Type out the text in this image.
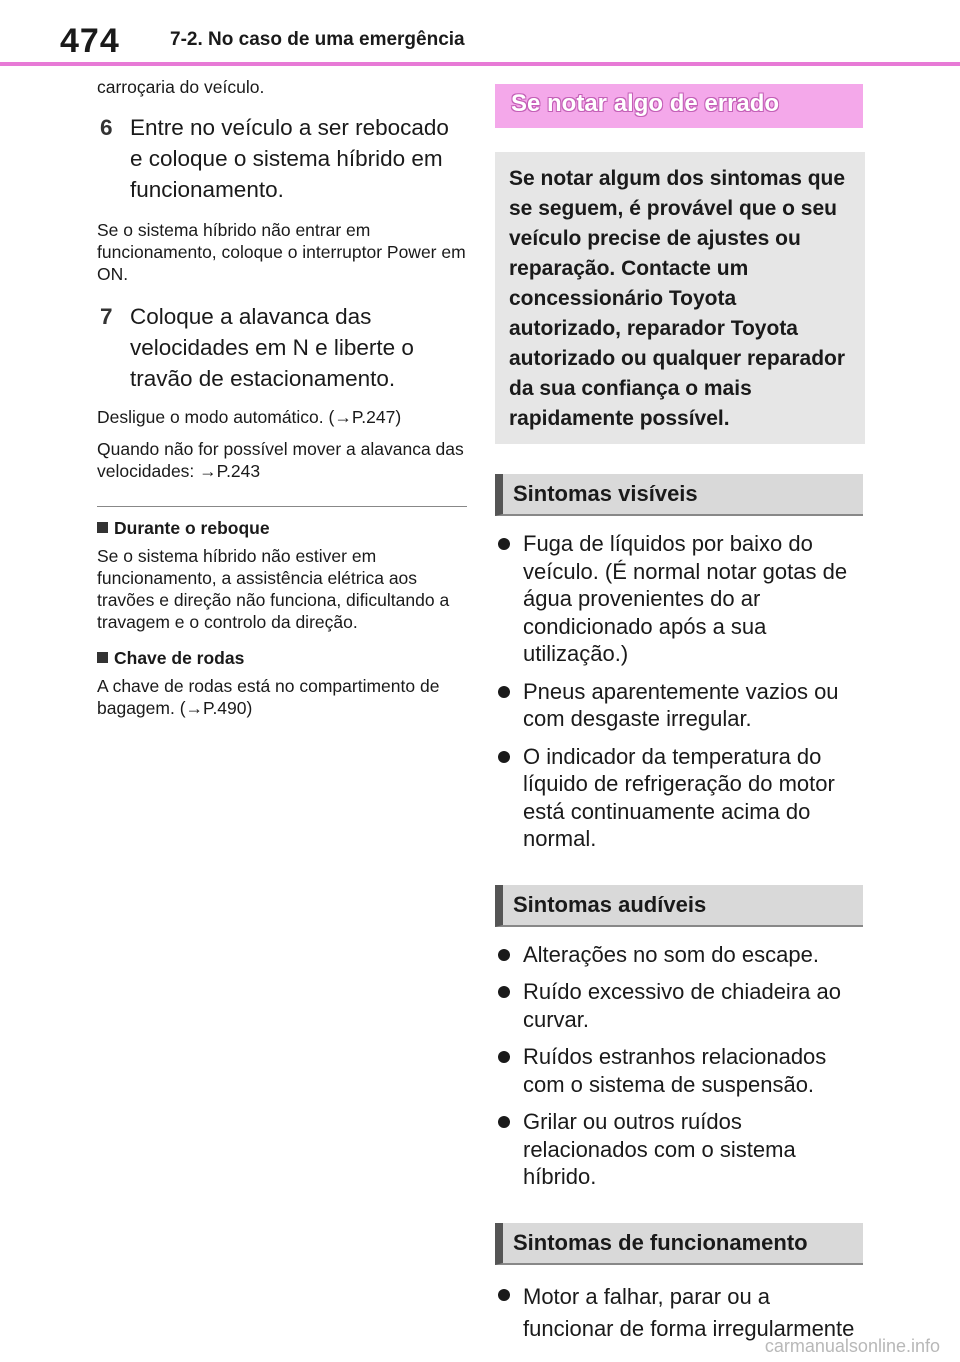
474	7-2. No caso de uma emergência

carroçaria do veículo.

6 Entre no veículo a ser rebocado e coloque o sistema híbrido em funcionamento.

Se o sistema híbrido não entrar em funcionamento, coloque o interruptor Power em ON.

7 Coloque a alavanca das velocidades em N e liberte o travão de estacionamento.

Desligue o modo automático. (→P.247)

Quando não for possível mover a alavanca das velocidades: →P.243

Durante o reboque

Se o sistema híbrido não estiver em funcionamento, a assistência elétrica aos travões e direção não funciona, dificultando a travagem e o controlo da direção.

Chave de rodas

A chave de rodas está no compartimento de bagagem. (→P.490)

Se notar algo de errado
Se notar algum dos sintomas que se seguem, é provável que o seu veículo precise de ajustes ou reparação. Contacte um concessionário Toyota autorizado, reparador Toyota autorizado ou qualquer reparador da sua confiança o mais rapidamente possível.
Sintomas visíveis
Fuga de líquidos por baixo do veículo. (É normal notar gotas de água provenientes do ar condicionado após a sua utilização.)
Pneus aparentemente vazios ou com desgaste irregular.
O indicador da temperatura do líquido de refrigeração do motor está continuamente acima do normal.
Sintomas audíveis
Alterações no som do escape.
Ruído excessivo de chiadeira ao curvar.
Ruídos estranhos relacionados com o sistema de suspensão.
Grilar ou outros ruídos relacionados com o sistema híbrido.
Sintomas de funcionamento
Motor a falhar, parar ou a funcionar de forma irregularmente
carmanualsonline.info
